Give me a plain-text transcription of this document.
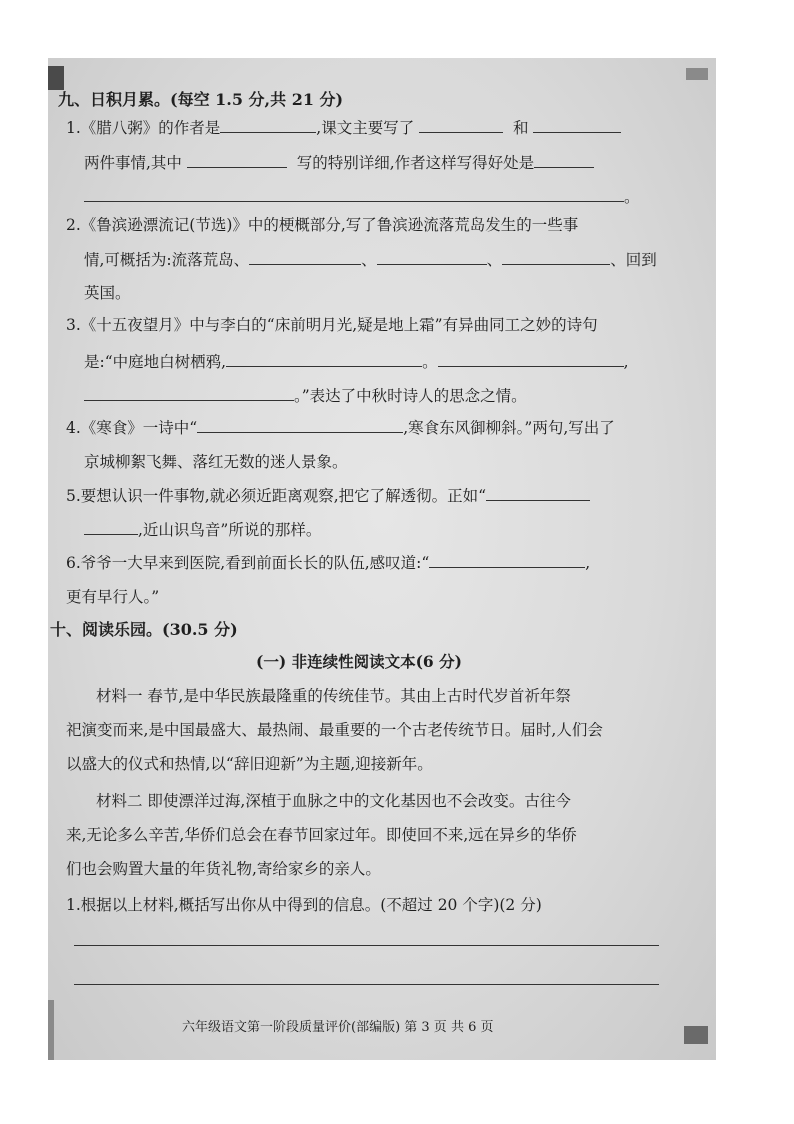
九、日积月累。(每空 1.5 分,共 21 分)
1.《腊八粥》的作者是	,课文主要写了	和
两件事情,其中	写的特别详细,作者这样写得好处是
。
2.《鲁滨逊漂流记(节选)》中的梗概部分,写了鲁滨逊流落荒岛发生的一些事
情,可概括为:流落荒岛、	、	、	、回到
英国。
3.《十五夜望月》中与李白的“床前明月光,疑是地上霜”有异曲同工之妙的诗句
是:“中庭地白树栖鸦,	。	,
。”表达了中秋时诗人的思念之情。
4.《寒食》一诗中“	,寒食东风御柳斜。”两句,写出了
京城柳絮飞舞、落红无数的迷人景象。
5.要想认识一件事物,就必须近距离观察,把它了解透彻。正如“
,近山识鸟音”所说的那样。
6.爷爷一大早来到医院,看到前面长长的队伍,感叹道:“	,
更有早行人。”
十、阅读乐园。(30.5 分)
(一) 非连续性阅读文本(6 分)
材料一 春节,是中华民族最隆重的传统佳节。其由上古时代岁首祈年祭
祀演变而来,是中国最盛大、最热闹、最重要的一个古老传统节日。届时,人们会
以盛大的仪式和热情,以“辞旧迎新”为主题,迎接新年。
材料二 即使漂洋过海,深植于血脉之中的文化基因也不会改变。古往今
来,无论多么辛苦,华侨们总会在春节回家过年。即使回不来,远在异乡的华侨
们也会购置大量的年货礼物,寄给家乡的亲人。
1.根据以上材料,概括写出你从中得到的信息。(不超过 20 个字)(2 分)
六年级语文第一阶段质量评价(部编版) 第 3 页 共 6 页
